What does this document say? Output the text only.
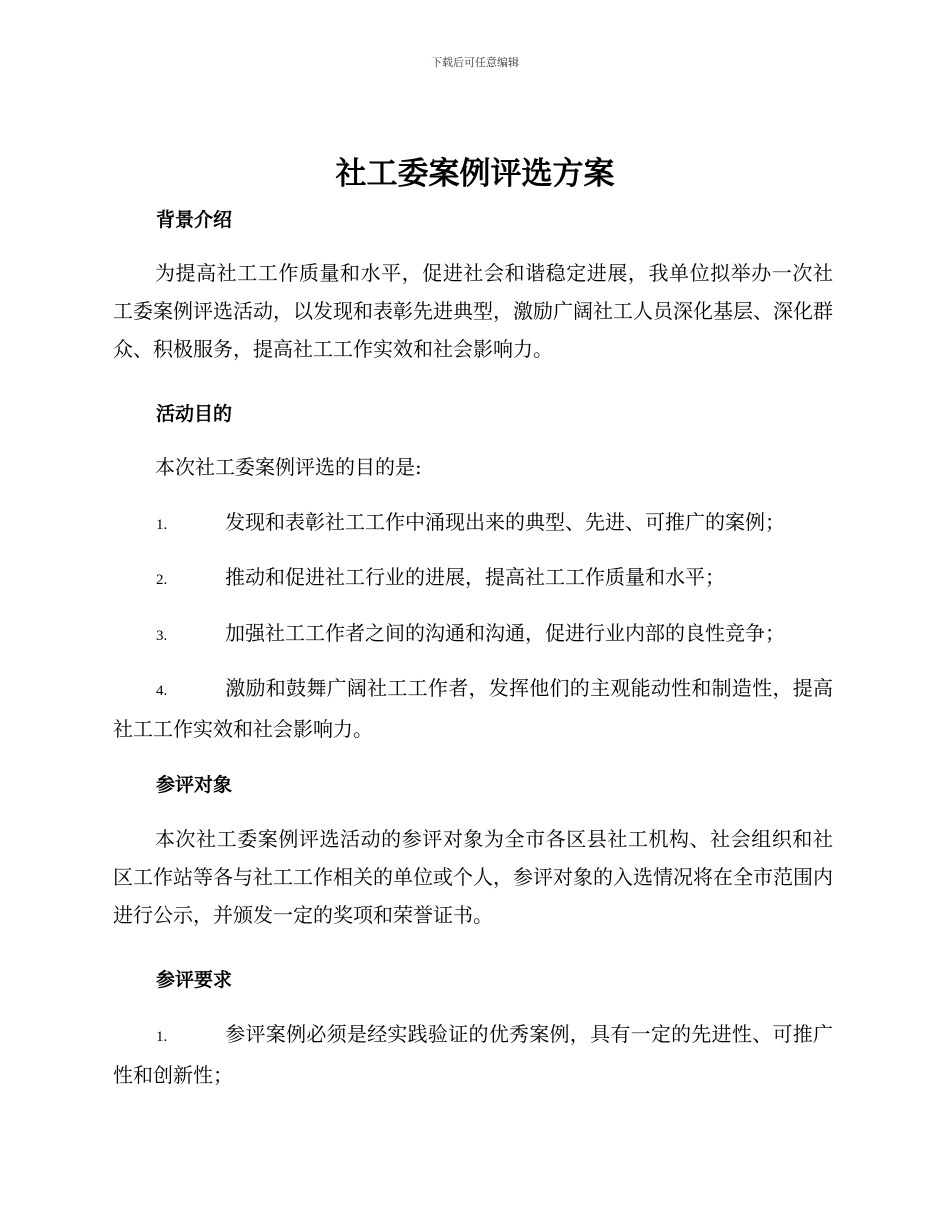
下载后可任意编辑
社工委案例评选方案
背景介绍

为提高社工工作质量和水平，促进社会和谐稳定进展，我单位拟举办一次社工委案例评选活动，以发现和表彰先进典型，激励广阔社工人员深化基层、深化群众、积极服务，提高社工工作实效和社会影响力。

活动目的

本次社工委案例评选的目的是:

1.	发现和表彰社工工作中涌现出来的典型、先进、可推广的案例；

2.	推动和促进社工行业的进展，提高社工工作质量和水平；

3.	加强社工工作者之间的沟通和沟通，促进行业内部的良性竞争；

4.	激励和鼓舞广阔社工工作者，发挥他们的主观能动性和制造性，提高社工工作实效和社会影响力。

参评对象

本次社工委案例评选活动的参评对象为全市各区县社工机构、社会组织和社区工作站等各与社工工作相关的单位或个人，参评对象的入选情况将在全市范围内进行公示，并颁发一定的奖项和荣誉证书。

参评要求

1.	参评案例必须是经实践验证的优秀案例，具有一定的先进性、可推广性和创新性；
